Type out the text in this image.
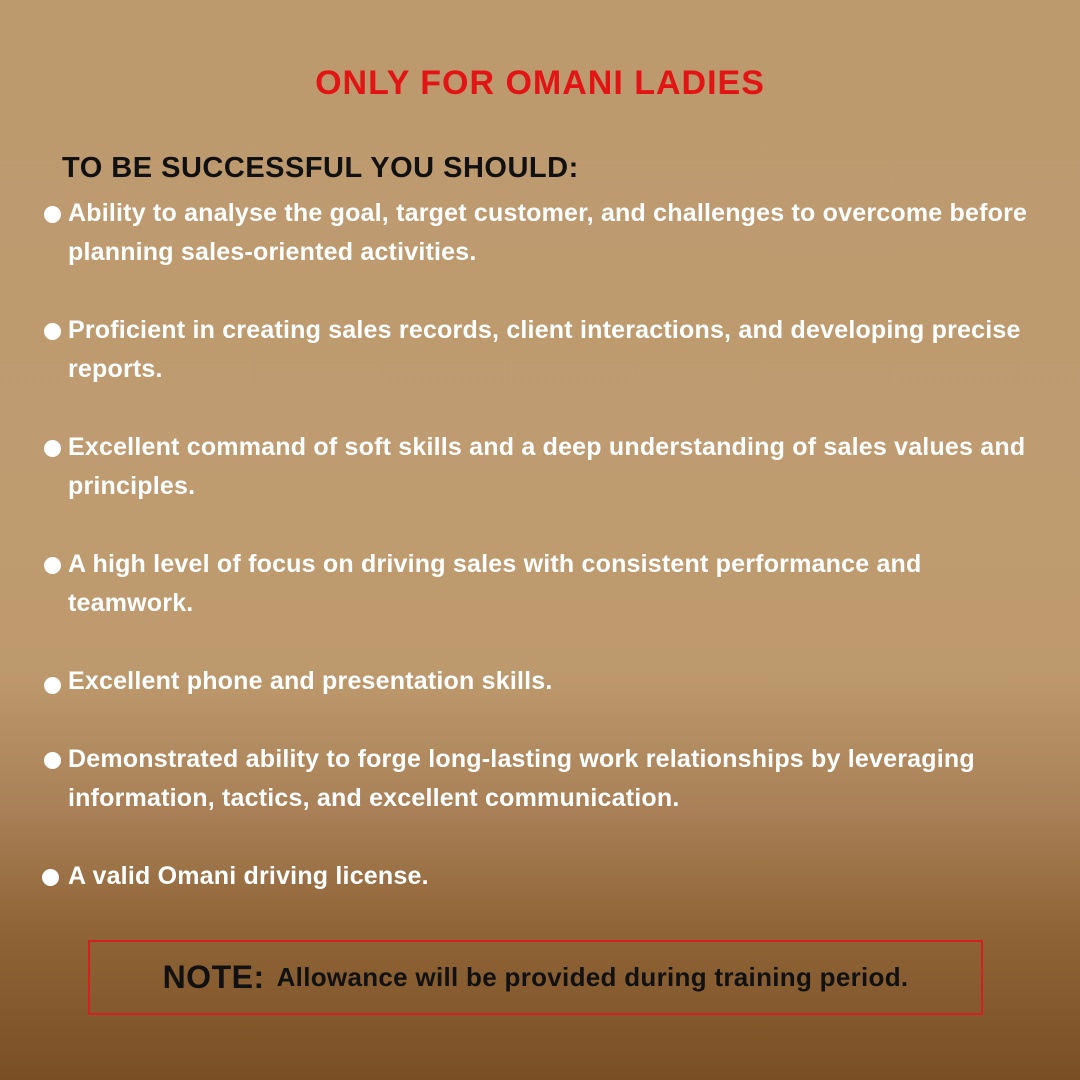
ONLY FOR OMANI LADIES
TO BE SUCCESSFUL YOU SHOULD:
Ability to analyse the goal, target customer, and challenges to overcome before planning sales-oriented activities.
Proficient in creating sales records, client interactions, and developing precise reports.
Excellent command of soft skills and a deep understanding of sales values and principles.
A high level of focus on driving sales with consistent performance and teamwork.
Excellent phone and presentation skills.
Demonstrated ability to forge long-lasting work relationships by leveraging information, tactics, and excellent communication.
A valid Omani driving license.
NOTE: Allowance will be provided during training period.
